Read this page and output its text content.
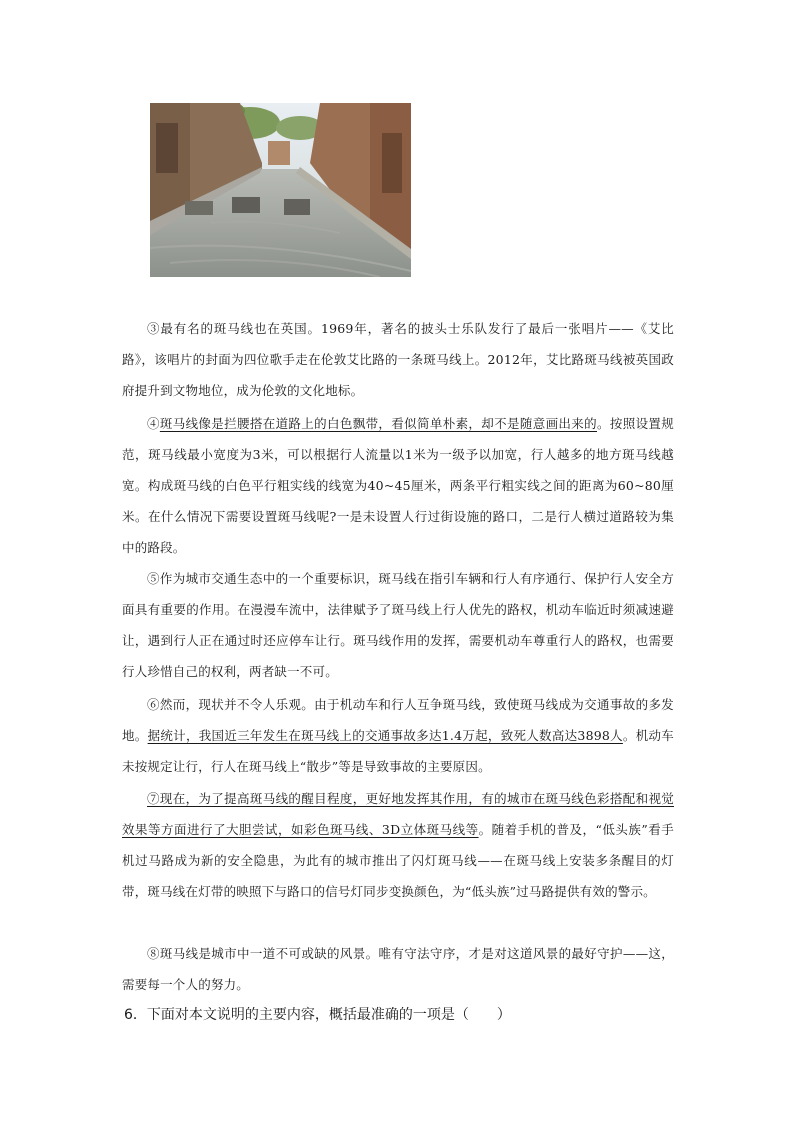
③最有名的斑马线也在英国。1969年，著名的披头士乐队发行了最后一张唱片——《艾比路》，该唱片的封面为四位歌手走在伦敦艾比路的一条斑马线上。2012年，艾比路斑马线被英国政府提升到文物地位，成为伦敦的文化地标。

④斑马线像是拦腰搭在道路上的白色飘带，看似简单朴素，却不是随意画出来的。按照设置规范，斑马线最小宽度为3米，可以根据行人流量以1米为一级予以加宽，行人越多的地方斑马线越宽。构成斑马线的白色平行粗实线的线宽为40~45厘米，两条平行粗实线之间的距离为60~80厘米。在什么情况下需要设置斑马线呢?一是未设置人行过街设施的路口，二是行人横过道路较为集中的路段。

⑤作为城市交通生态中的一个重要标识，斑马线在指引车辆和行人有序通行、保护行人安全方面具有重要的作用。在漫漫车流中，法律赋予了斑马线上行人优先的路权，机动车临近时须减速避让，遇到行人正在通过时还应停车让行。斑马线作用的发挥，需要机动车尊重行人的路权，也需要行人珍惜自己的权利，两者缺一不可。

⑥然而，现状并不令人乐观。由于机动车和行人互争斑马线，致使斑马线成为交通事故的多发地。据统计，我国近三年发生在斑马线上的交通事故多达1.4万起，致死人数高达3898人。机动车未按规定让行，行人在斑马线上“散步”等是导致事故的主要原因。

⑦现在，为了提高斑马线的醒目程度，更好地发挥其作用，有的城市在斑马线色彩搭配和视觉效果等方面进行了大胆尝试，如彩色斑马线、3D立体斑马线等。随着手机的普及，“低头族”看手机过马路成为新的安全隐患，为此有的城市推出了闪灯斑马线——在斑马线上安装多条醒目的灯带，斑马线在灯带的映照下与路口的信号灯同步变换颜色，为“低头族”过马路提供有效的警示。

⑧斑马线是城市中一道不可或缺的风景。唯有守法守序，才是对这道风景的最好守护——这，需要每一个人的努力。

6．下面对本文说明的主要内容，概括最准确的一项是（　　）
